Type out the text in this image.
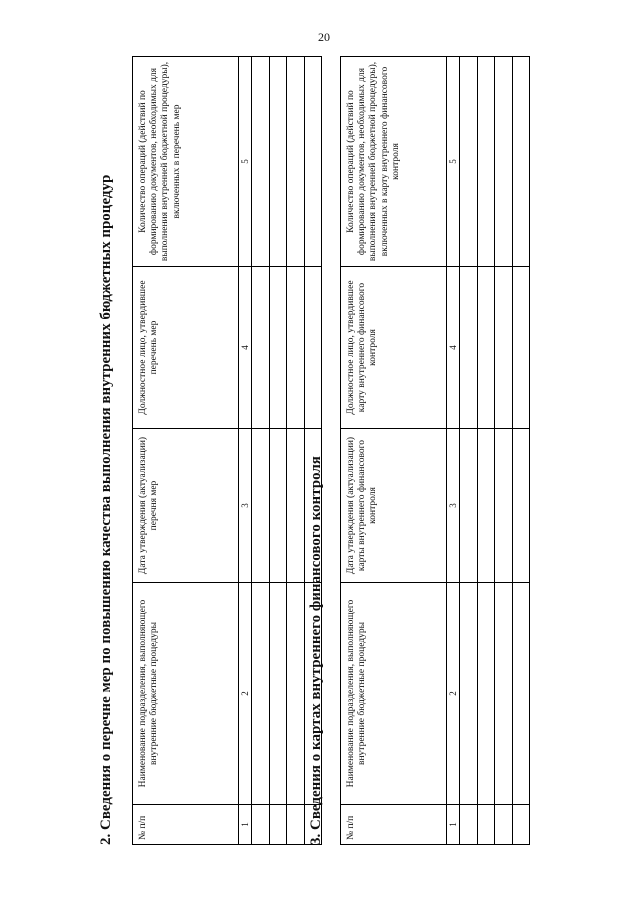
20
2. Сведения о перечне мер по повышению качества выполнения внутренних бюджетных процедур	№ п/п	Наименование подразделения, выполняющего внутренние бюджетные процедуры	Дата утверждения (актуализации) перечня мер	Должностное лицо, утвердившее перечень мер	Количество операций (действий по формированию документов, необходимых для выполнения внутренней бюджетной процедуры), включенных в перечень мер
1	2	3	4	5

3. Сведения о картах внутреннего финансового контроля № п/п	Наименование подразделения, выполняющего внутренние бюджетные процедуры	Дата утверждения (актуализации) карты внутреннего финансового контроля	Должностное лицо, утвердившее карту внутреннего финансового контроля	Количество операций (действий по формированию документов, необходимых для выполнения внутренней бюджетной процедуры), включенных в карту внутреннего финансового контроля
1	2	3	4	5
